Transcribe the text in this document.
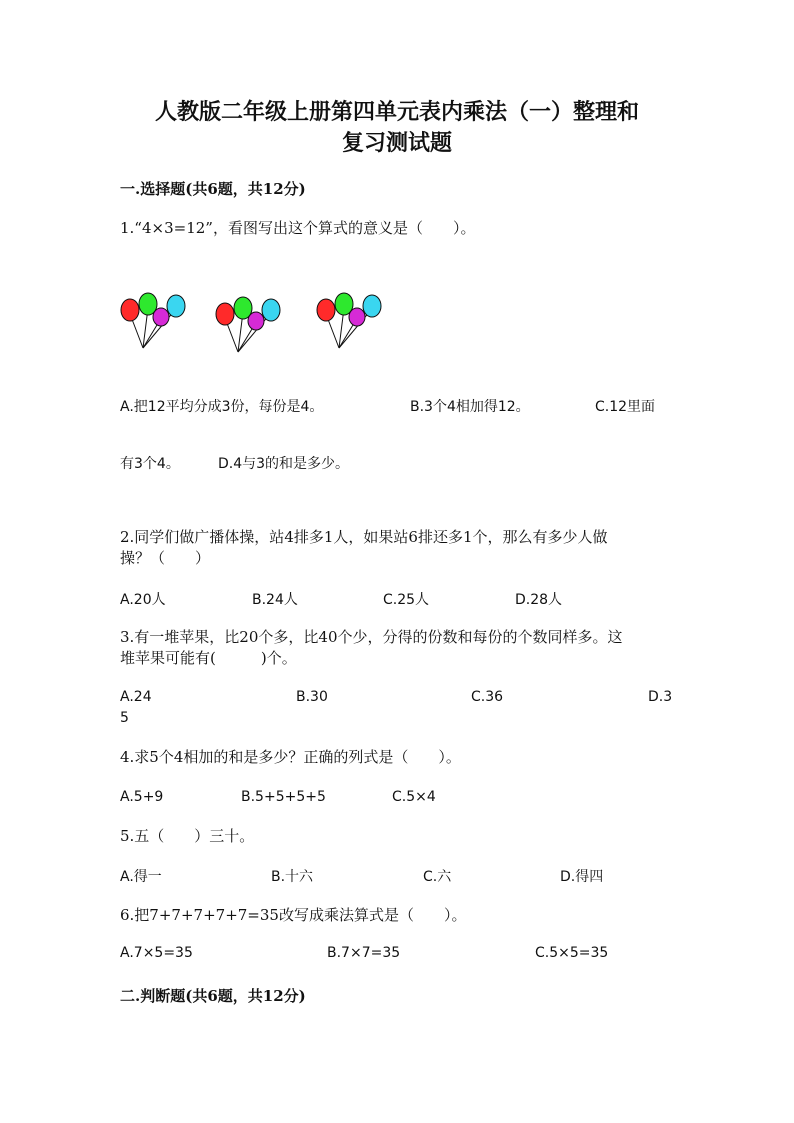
人教版二年级上册第四单元表内乘法（一）整理和
复习测试题
一.选择题(共6题，共12分)
1.“4×3=12”，看图写出这个算式的意义是（　　）。
A.把12平均分成3份，每份是4。	B.3个4相加得12。	C.12里面
有3个4。	D.4与3的和是多少。
2.同学们做广播体操，站4排多1人，如果站6排还多1个，那么有多少人做
操？（　　）
A.20人	B.24人	C.25人	D.28人
3.有一堆苹果，比20个多，比40个少，分得的份数和每份的个数同样多。这
堆苹果可能有(　　　)个。
A.24	B.30	C.36	D.3
5
4.求5个4相加的和是多少？正确的列式是（　　）。
A.5+9	B.5+5+5+5	C.5×4
5.五（　　）三十。
A.得一	B.十六	C.六	D.得四
6.把7+7+7+7+7=35改写成乘法算式是（　　）。
A.7×5=35	B.7×7=35	C.5×5=35
二.判断题(共6题，共12分)
